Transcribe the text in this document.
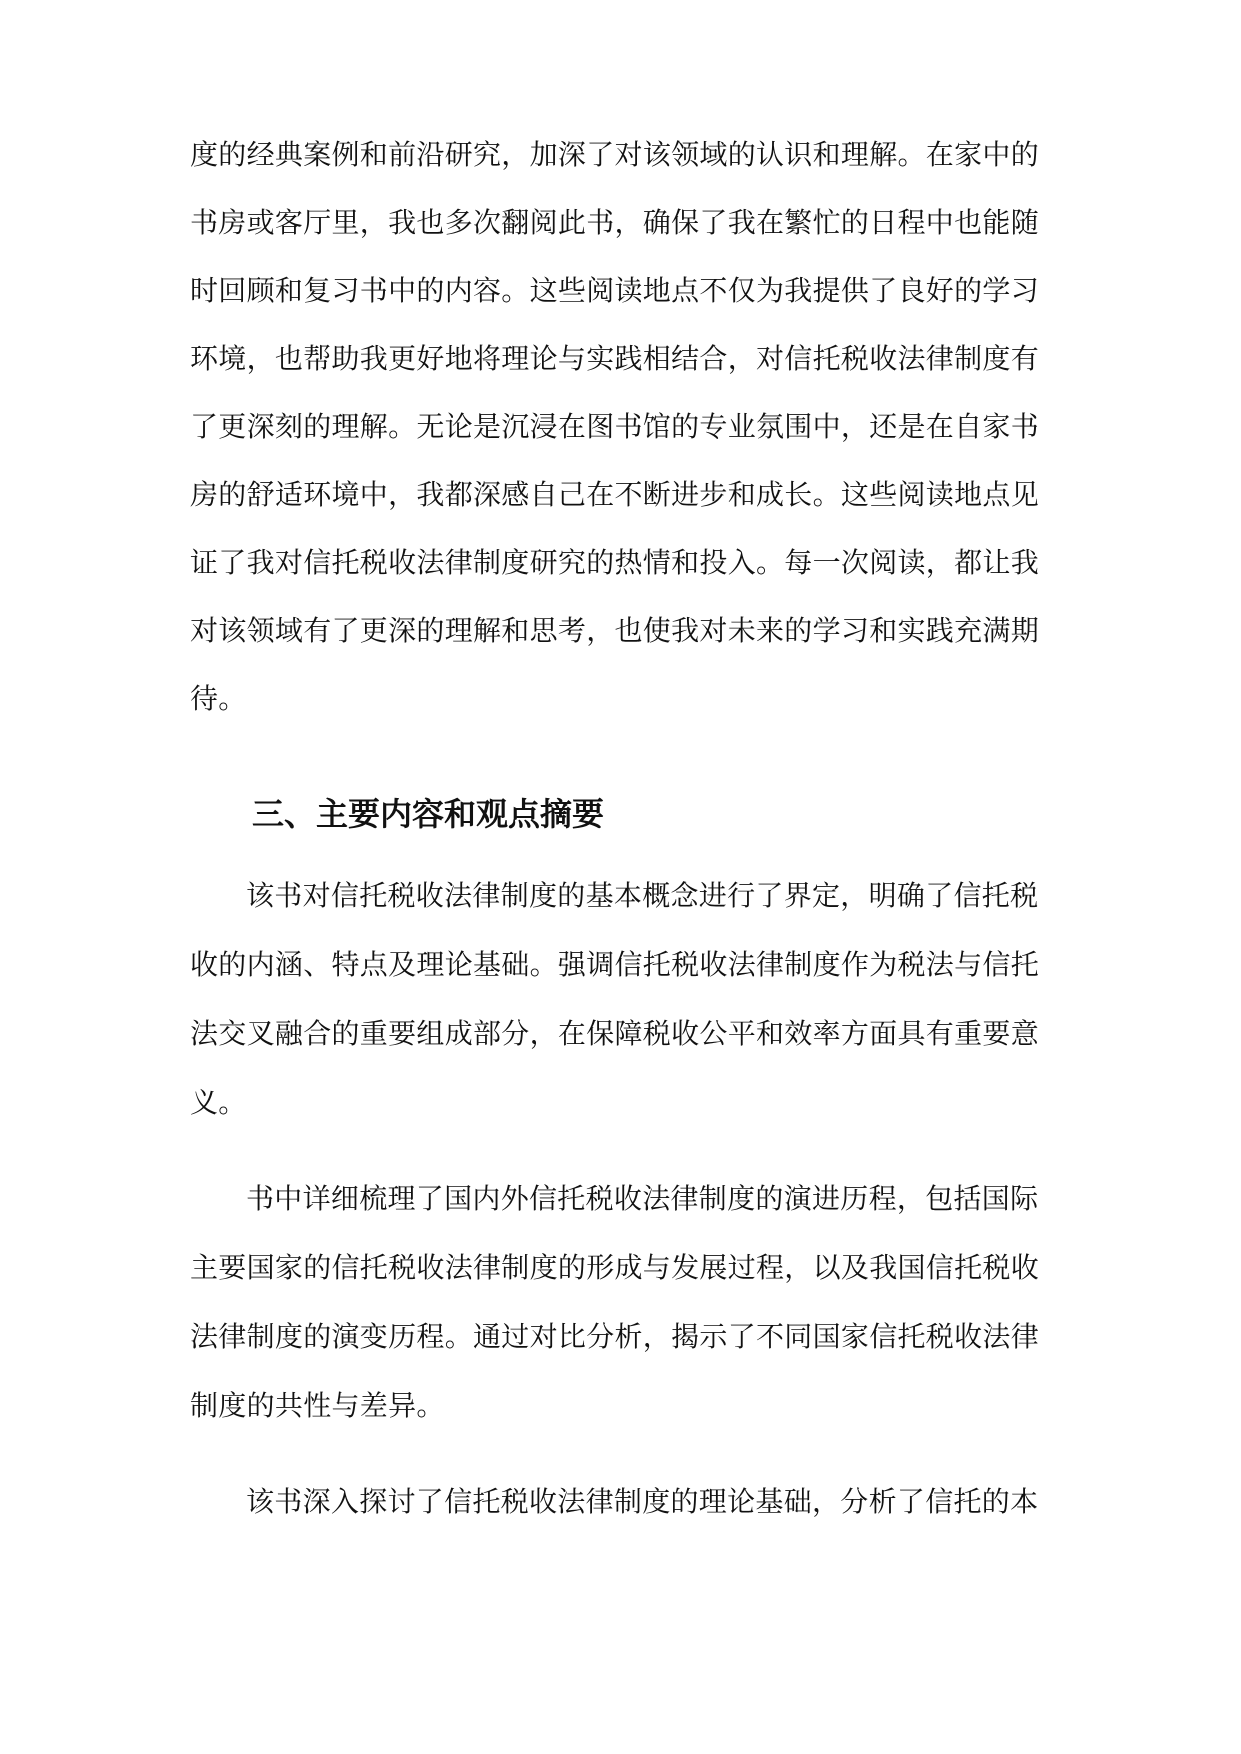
度的经典案例和前沿研究，加深了对该领域的认识和理解。在家中的
书房或客厅里，我也多次翻阅此书，确保了我在繁忙的日程中也能随
时回顾和复习书中的内容。这些阅读地点不仅为我提供了良好的学习
环境，也帮助我更好地将理论与实践相结合，对信托税收法律制度有
了更深刻的理解。无论是沉浸在图书馆的专业氛围中，还是在自家书
房的舒适环境中，我都深感自己在不断进步和成长。这些阅读地点见
证了我对信托税收法律制度研究的热情和投入。每一次阅读，都让我
对该领域有了更深的理解和思考，也使我对未来的学习和实践充满期
待。
三、主要内容和观点摘要
该书对信托税收法律制度的基本概念进行了界定，明确了信托税
收的内涵、特点及理论基础。强调信托税收法律制度作为税法与信托
法交叉融合的重要组成部分，在保障税收公平和效率方面具有重要意
义。
书中详细梳理了国内外信托税收法律制度的演进历程，包括国际
主要国家的信托税收法律制度的形成与发展过程，以及我国信托税收
法律制度的演变历程。通过对比分析，揭示了不同国家信托税收法律
制度的共性与差异。
该书深入探讨了信托税收法律制度的理论基础，分析了信托的本
